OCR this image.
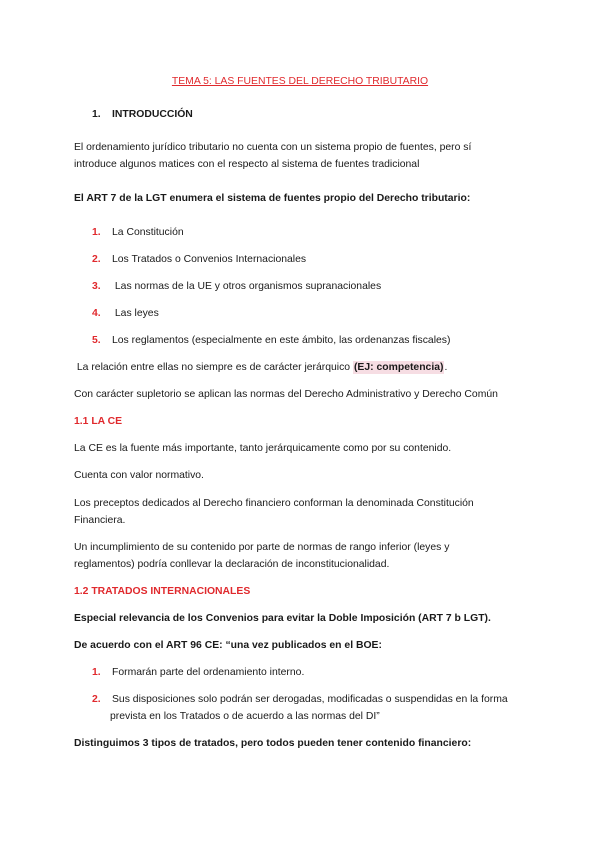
TEMA 5: LAS FUENTES DEL DERECHO TRIBUTARIO
1. INTRODUCCIÓN
El ordenamiento jurídico tributario no cuenta con un sistema propio de fuentes, pero sí
introduce algunos matices con el respecto al sistema de fuentes tradicional
El ART 7 de la LGT enumera el sistema de fuentes propio del Derecho tributario:
1. La Constitución
2. Los Tratados o Convenios Internacionales
3. Las normas de la UE y otros organismos supranacionales
4. Las leyes
5. Los reglamentos (especialmente en este ámbito, las ordenanzas fiscales)
La relación entre ellas no siempre es de carácter jerárquico (EJ: competencia).
Con carácter supletorio se aplican las normas del Derecho Administrativo y Derecho Común
1.1 LA CE
La CE es la fuente más importante, tanto jerárquicamente como por su contenido.
Cuenta con valor normativo.
Los preceptos dedicados al Derecho financiero conforman la denominada Constitución
Financiera.
Un incumplimiento de su contenido por parte de normas de rango inferior (leyes y
reglamentos) podría conllevar la declaración de inconstitucionalidad.
1.2 TRATADOS INTERNACIONALES
Especial relevancia de los Convenios para evitar la Doble Imposición (ART 7 b LGT).
De acuerdo con el ART 96 CE: “una vez publicados en el BOE:
1. Formarán parte del ordenamiento interno.
2. Sus disposiciones solo podrán ser derogadas, modificadas o suspendidas en la forma
prevista en los Tratados o de acuerdo a las normas del DI”
Distinguimos 3 tipos de tratados, pero todos pueden tener contenido financiero:
